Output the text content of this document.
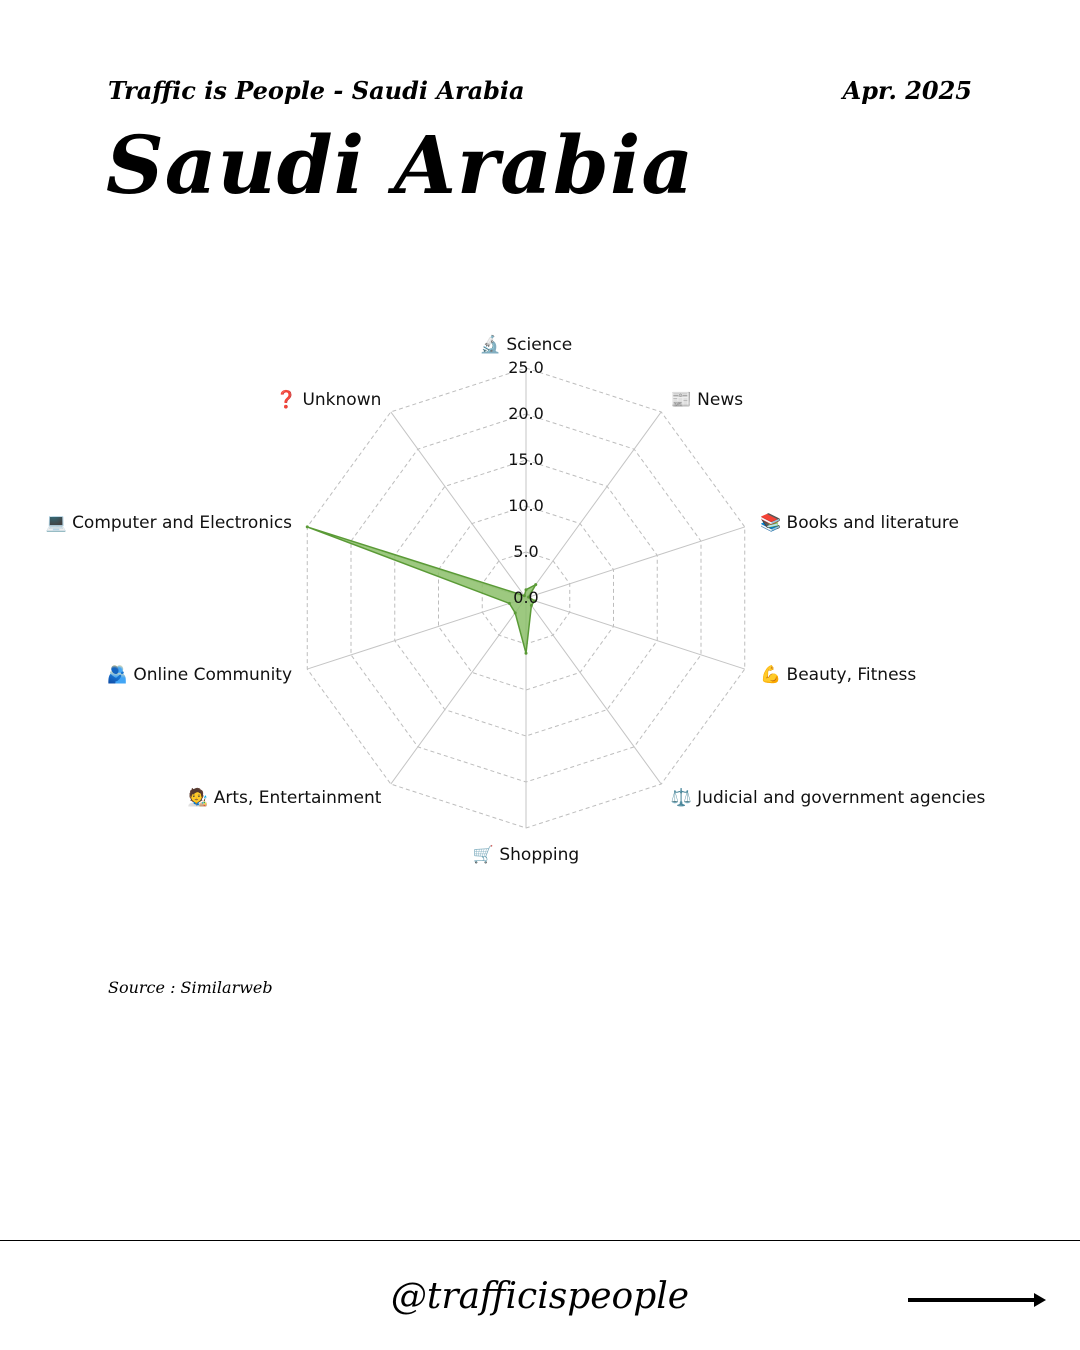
Traffic is People - Saudi Arabia	Apr. 2025
Saudi Arabia
0.0
5.0
10.0
15.0
20.0
25.0
🔬 Science
📰 News
📚 Books and literature
💪 Beauty, Fitness
⚖️ Judicial and government agencies
🛒 Shopping
🧑‍🎨 Arts, Entertainment
🫂 Online Community
💻 Computer and Electronics
❓ Unknown
Source : Similarweb
@trafficispeople
